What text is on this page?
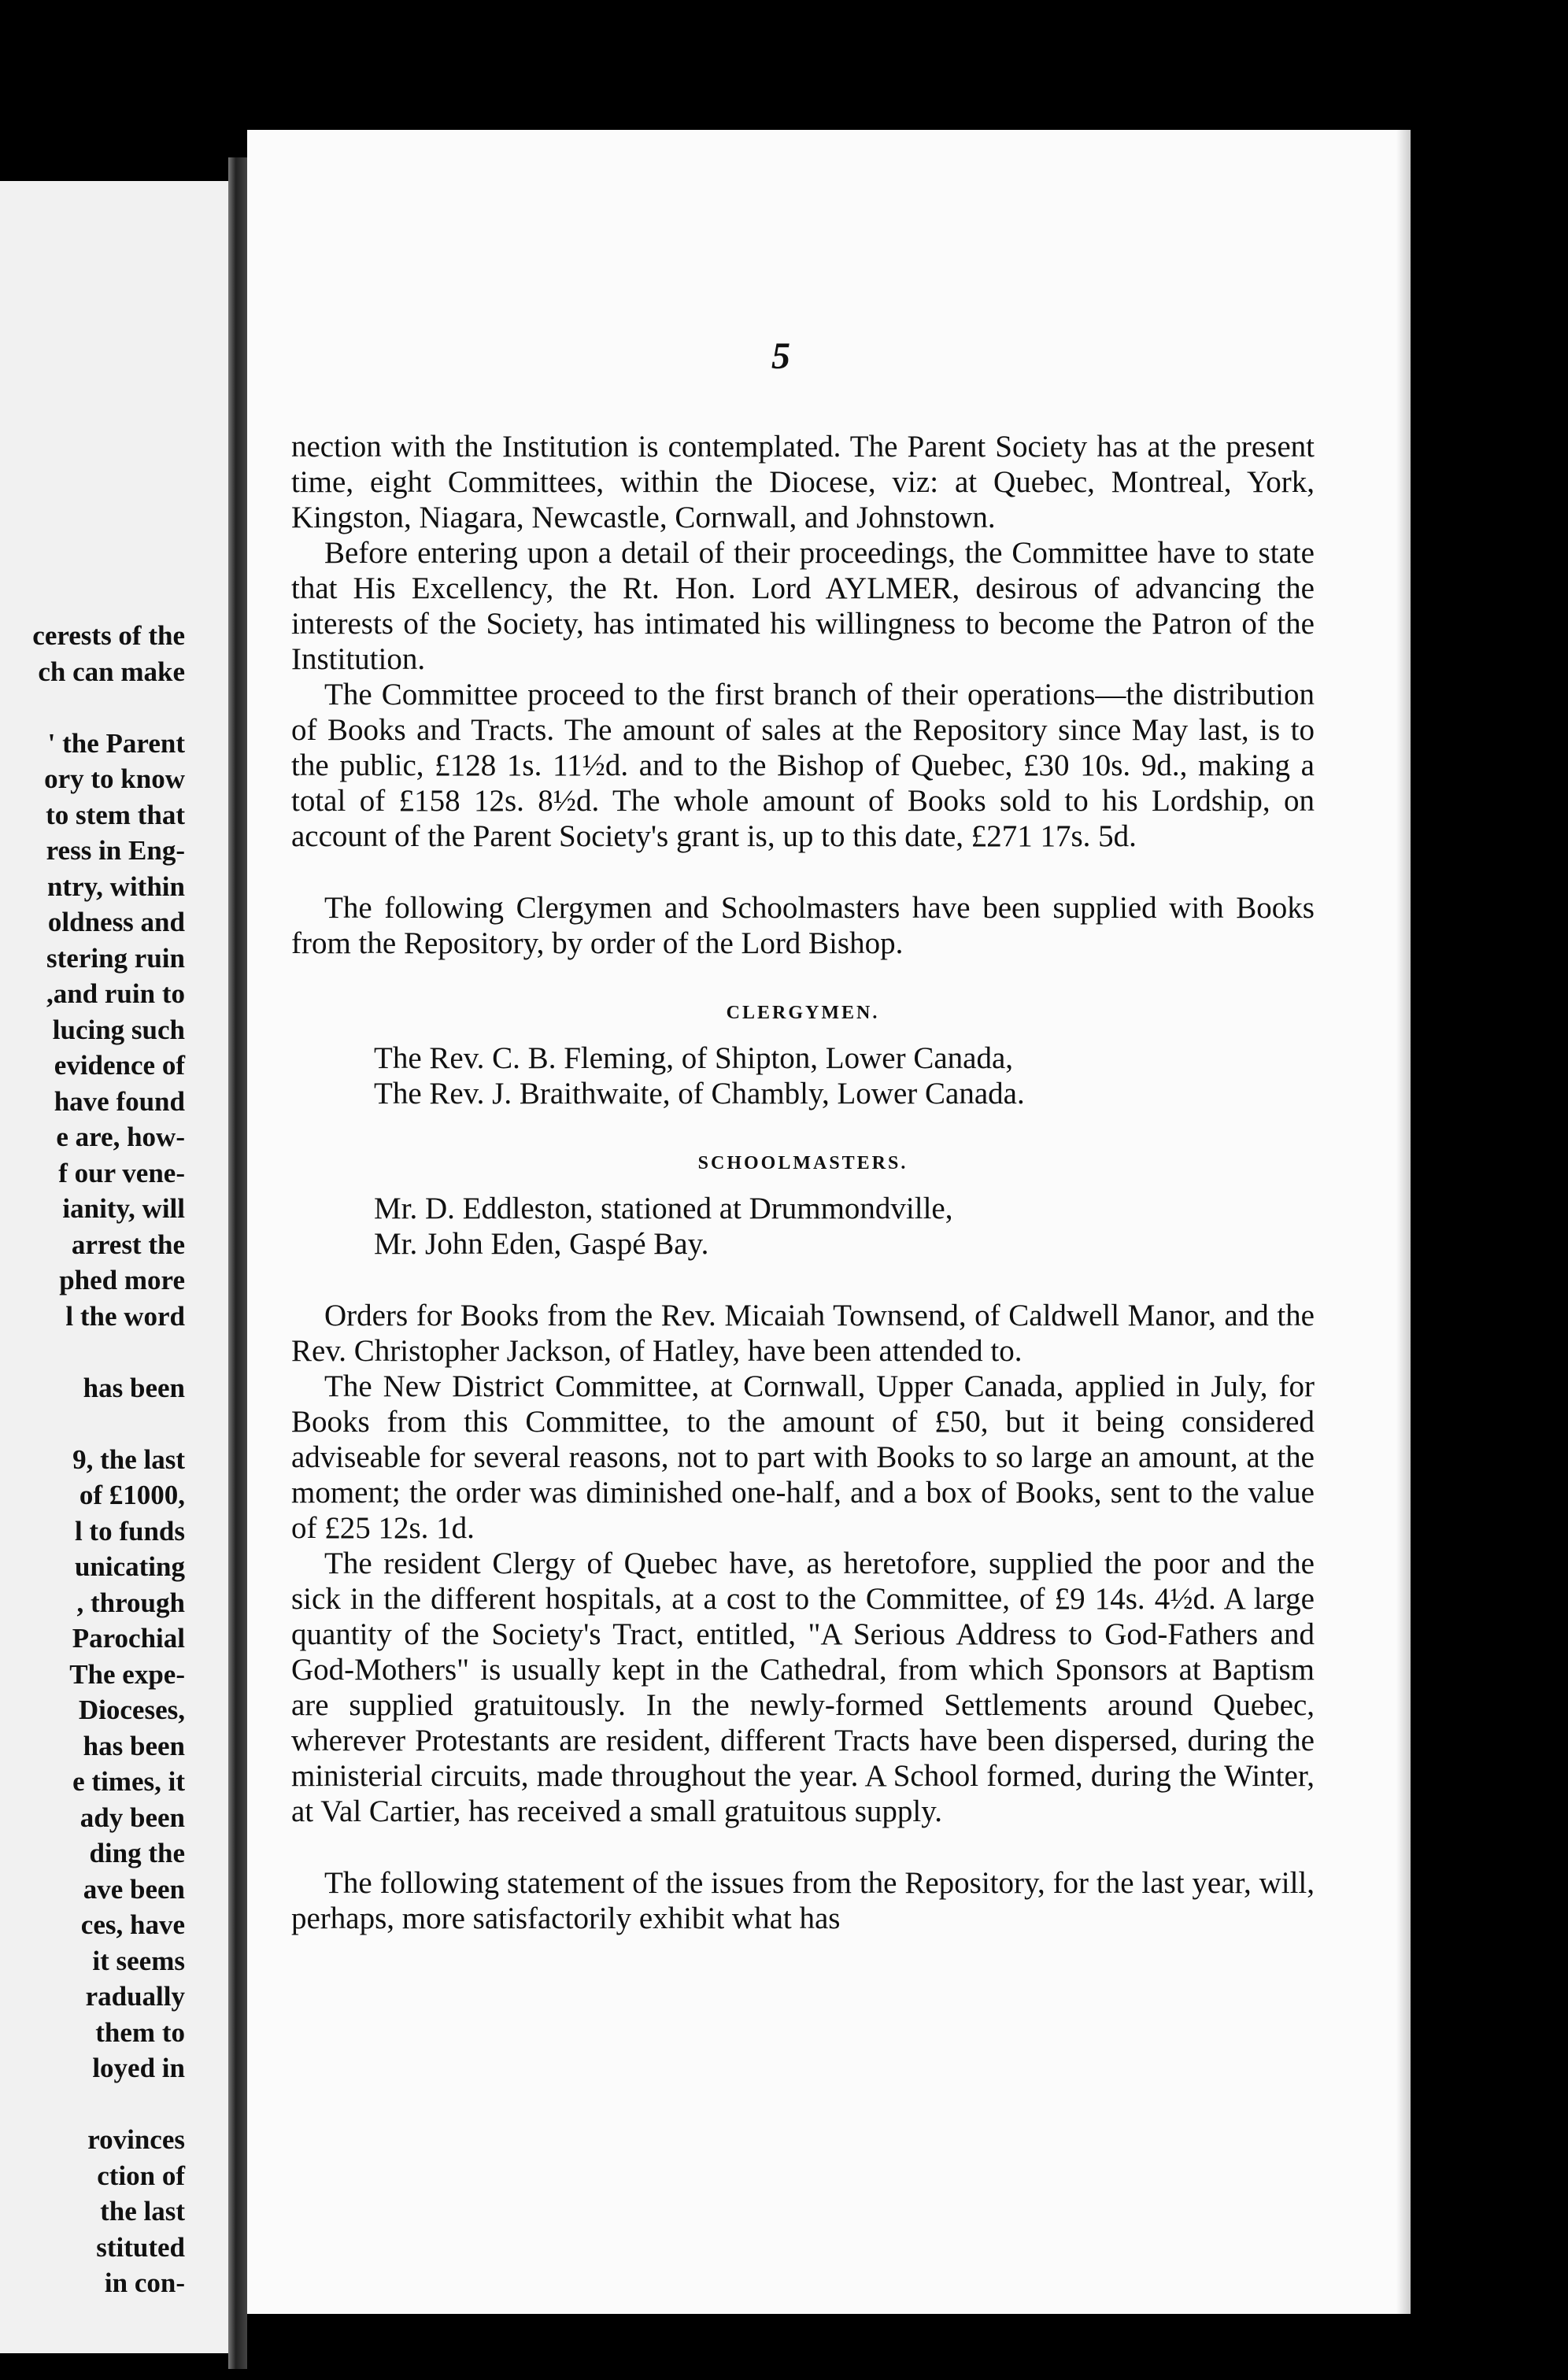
cerests of the
ch can make

' the Parent
ory to know
to stem that
ress in Eng-
ntry, within
oldness and
stering ruin
,and ruin to
lucing such
evidence of
have found
e are, how-
f our vene-
ianity, will
arrest the
phed more
l the word

has been

9, the last
of £1000,
l to funds
unicating
, through
Parochial
The expe-
Dioceses,
has been
e times, it
ady been
ding the
ave been
ces, have
it seems
radually
them to
loyed in

rovinces
ction of
the last
stituted
in con-
5

nection with the Institution is contemplated. The Parent Society has at the present time, eight Committees, within the Diocese, viz: at Quebec, Montreal, York, Kingston, Niagara, Newcastle, Cornwall, and Johnstown.

Before entering upon a detail of their proceedings, the Committee have to state that His Excellency, the Rt. Hon. Lord AYLMER, desirous of advancing the interests of the Society, has intimated his willingness to become the Patron of the Institution.

The Committee proceed to the first branch of their operations—the distribution of Books and Tracts. The amount of sales at the Repository since May last, is to the public, £128 1s. 11½d. and to the Bishop of Quebec, £30 10s. 9d., making a total of £158 12s. 8½d. The whole amount of Books sold to his Lordship, on account of the Parent Society's grant is, up to this date, £271 17s. 5d.

The following Clergymen and Schoolmasters have been supplied with Books from the Repository, by order of the Lord Bishop.

CLERGYMEN.

The Rev. C. B. Fleming, of Shipton, Lower Canada,

The Rev. J. Braithwaite, of Chambly, Lower Canada.

SCHOOLMASTERS.

Mr. D. Eddleston, stationed at Drummondville,

Mr. John Eden, Gaspé Bay.

Orders for Books from the Rev. Micaiah Townsend, of Caldwell Manor, and the Rev. Christopher Jackson, of Hatley, have been attended to.

The New District Committee, at Cornwall, Upper Canada, applied in July, for Books from this Committee, to the amount of £50, but it being considered adviseable for several reasons, not to part with Books to so large an amount, at the moment; the order was diminished one-half, and a box of Books, sent to the value of £25 12s. 1d.

The resident Clergy of Quebec have, as heretofore, supplied the poor and the sick in the different hospitals, at a cost to the Committee, of £9 14s. 4½d. A large quantity of the Society's Tract, entitled, "A Serious Address to God-Fathers and God-Mothers" is usually kept in the Cathedral, from which Sponsors at Baptism are supplied gratuitously. In the newly-formed Settlements around Quebec, wherever Protestants are resident, different Tracts have been dispersed, during the ministerial circuits, made throughout the year. A School formed, during the Winter, at Val Cartier, has received a small gratuitous supply.

The following statement of the issues from the Repository, for the last year, will, perhaps, more satisfactorily exhibit what has
